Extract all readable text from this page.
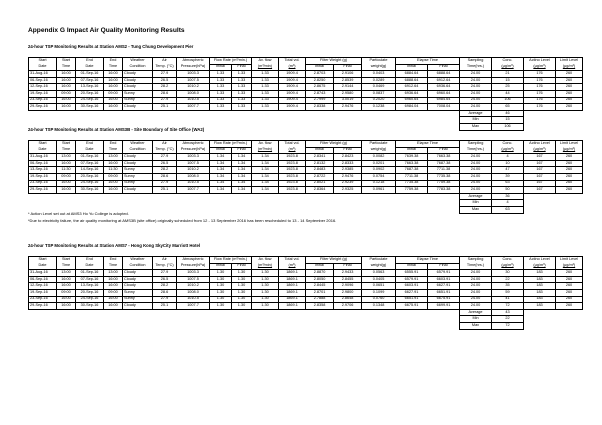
Appendix G Impact Air Quality Monitoring Results
24-hour TSP Monitoring Results at Station AMS2 - Tung Chung Development Pier
Start	Start	End	End	Weather	Air	Atmospheric	Flow Rate (m³/min.)		Av. flow	Total vol.	Filter Weight (g)		Particulate	Elapse Time		Sampling	Conc.	Actino Level	Limit Level
Date	Time	Date	Time	Condition	Temp. (°C)	Pressure(hPa)	Initial	Final	(m³/min)	(m³)	Initial	Final	weight(g)	Initial	Final	Time(hrs.)	(μg/m³)	(μg/m³)	(μg/m³)
31-Aug-16	16:00	01-Sep-16	16:00	Cloudy	27.9	1003.3	1.33	1.33	1.33	1909.4	2.8703	2.9106	0.0403	6884.64	6888.64	24.00	21	176	260
06-Sep-16	16:00	07-Sep-16	16:00	Cloudy	26.5	1007.5	1.33	1.33	1.33	1909.4	2.8250	2.8539	0.0289	6888.64	6912.64	24.00	15	176	260
12-Sep-16	16:00	13-Sep-16	16:00	Cloudy	28.2	1010.2	1.33	1.33	1.33	1909.4	2.8675	2.9144	0.0469	6912.64	6936.64	24.00	25	176	260
19-Sep-16	09:00	20-Sep-16	09:00	Sunny	28.6	1008.0	1.33	1.33	1.33	1909.4	2.8743	2.9580	0.0837	6936.64	6960.64	24.00	44	176	260
23-Sep-16	16:00	24-Sep-16	16:00	Sunny	27.9	1010.5	1.33	1.33	1.33	1909.4	2.7999	3.0019	0.2020	6960.64	6984.64	24.00	106	176	260
29-Sep-16	16:00	30-Sep-16	16:00	Cloudy	25.1	1007.7	1.33	1.33	1.33	1909.4	2.8338	2.9476	0.1238	6984.04	7008.04	24.00	65	176	260
																Average	46		
																Min	15		
																Max	106		
24-hour TSP Monitoring Results at Station AMS3B - Site Boundary of Site Office (WA2)
Start	Start	End	End	Weather	Air	Atmospheric	Flow Rate (m³/min.)		Av. flow	Total vol.	Filter Weight (g)		Particulate	Elapse Time		Sampling	Conc.	Actino Level	Limit Level
Date	Time	Date	Time	Condition	Temp. (°C)	Pressure(hPa)	Initial	Final	(m³/min)	(m³)	Initial	Final	weight(g)	Initial	Final	Time(hrs.)	(μg/m³)	(μg/m³)	(μg/m³)
31-Aug-16	13:00	01-Sep-16	13:00	Cloudy	27.9	1003.3	1.34	1.34	1.34	1923.8	2.8341	2.8423	0.0082	7639.38	7663.38	24.00	4	167	260
06-Sep-16	16:00	07-Sep-16	16:00	Cloudy	26.5	1007.5	1.34	1.34	1.34	1923.8	2.8132	2.8333	0.0201	7663.38	7687.38	24.00	10	167	260
13-Sep-16	11:30	14-Sep-16	11:30	Sunny	28.2	1010.2	1.34	1.34	1.34	1923.8	2.8483	2.9385	0.0902	7687.38	7711.38	24.00	47	167	260
19-Sep-16	09:00	20-Sep-16	09:00	Sunny	28.6	1008.0	1.34	1.34	1.34	1923.8	2.8722	2.9476	0.0754	7711.38	7735.38	24.00	39	167	260
23-Sep-16	16:00	24-Sep-16	16:00	Sunny	27.9	1010.5	1.34	1.34	1.34	1923.8	2.8021	2.9239	0.1218	7735.38	7759.38	24.00	63	167	260
29-Sep-16	16:00	30-Sep-16	16:00	Cloudy	25.1	1007.7	1.34	1.34	1.34	1923.8	2.8364	2.9325	0.0961	7759.38	7783.38	24.00	50	167	260
																Average	36		
																Min	4		
																Max	63		
* Action Level set out at AMS3 Ho Yu College is adopted.
*Due to electricity failure, the air quality monitoring at AMS3B (site office) originally scheduled from 12 - 13 September 2016 has been rescheduled to 13 - 14 September 2016.
24-hour TSP Monitoring Results at Station AMS7 - Hong Kong SkyCity Marriott Hotel
Start	Start	End	End	Weather	Air	Atmospheric	Flow Rate (m³/min.)		Av. flow	Total vol.	Filter Weight (g)		Particulate	Elapse Time		Sampling	Conc.	Actino Level	Limit Level
Date	Time	Date	Time	Condition	Temp. (°C)	Pressure(hPa)	Initial	Final	(m³/min)	(m³)	Initial	Final	weight(g)	Initial	Final	Time(hrs.)	(μg/m³)	(μg/m³)	(μg/m³)
31-Aug-16	13:00	01-Sep-16	13:00	Cloudy	27.9	1003.3	1.30	1.30	1.30	1869.1	2.8870	2.9433	0.0563	6555.91	6579.91	24.00	30	183	260
06-Sep-16	16:00	07-Sep-16	16:00	Cloudy	26.5	1007.5	1.30	1.30	1.30	1869.1	2.8050	2.8455	0.0405	6579.91	6603.91	24.00	22	183	260
12-Sep-16	16:00	13-Sep-16	16:00	Cloudy	28.2	1010.2	1.30	1.30	1.30	1869.1	2.8445	2.9096	0.0651	6603.91	6627.91	24.00	35	183	260
19-Sep-16	09:00	20-Sep-16	09:00	Sunny	28.6	1008.0	1.30	1.30	1.30	1869.1	2.8701	2.9800	0.1099	6627.91	6651.91	24.00	59	183	260
23-Sep-16	16:00	24-Sep-16	16:00	Sunny	27.9	1010.5	1.30	1.30	1.30	1869.1	2.7888	2.8648	0.0760	6651.91	6675.91	24.00	41	183	260
29-Sep-16	16:00	30-Sep-16	16:00	Cloudy	25.1	1007.7	1.30	1.30	1.30	1869.1	2.8358	2.9706	0.1348	6675.91	6699.91	24.00	72	183	260
																Average	43		
																Min	22		
																Max	72		
